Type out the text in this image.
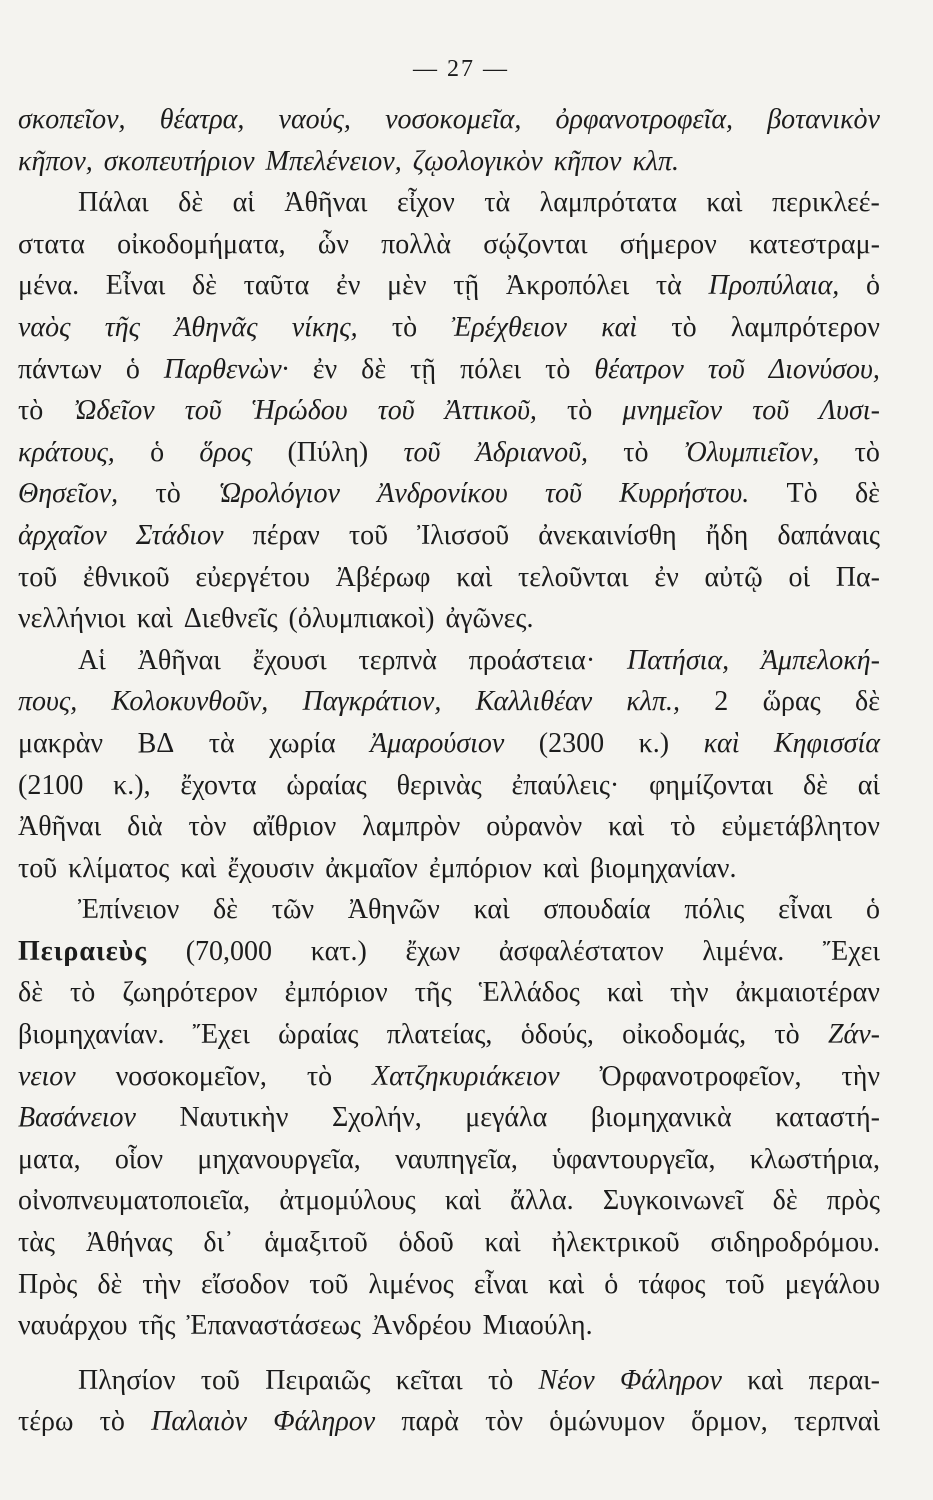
— 27 —
σκοπεῖον, θέατρα, ναούς, νοσοκομεῖα, ὀρφανοτροφεῖα, βοτανικὸν
κῆπον, σκοπευτήριον Μπελένειον, ζῳολογικὸν κῆπον κλπ.
Πάλαι δὲ αἱ Ἀθῆναι εἶχον τὰ λαμπρότατα καὶ περικλεέ-
στατα οἰκοδομήματα, ὧν πολλὰ σῴζονται σήμερον κατεστραμ-
μένα. Εἶναι δὲ ταῦτα ἐν μὲν τῇ Ἀκροπόλει τὰ Προπύλαια, ὁ
ναὸς τῆς Ἀθηνᾶς νίκης, τὸ Ἐρέχθειον καὶ τὸ λαμπρότερον
πάντων ὁ Παρθενὼν· ἐν δὲ τῇ πόλει τὸ θέατρον τοῦ Διονύσου,
τὸ Ὠδεῖον τοῦ Ἡρώδου τοῦ Ἀττικοῦ, τὸ μνημεῖον τοῦ Λυσι-
κράτους, ὁ ὅρος (Πύλη) τοῦ Ἀδριανοῦ, τὸ Ὀλυμπιεῖον, τὸ
Θησεῖον, τὸ Ὡρολόγιον Ἀνδρονίκου τοῦ Κυρρήστου. Τὸ δὲ
ἀρχαῖον Στάδιον πέραν τοῦ Ἰλισσοῦ ἀνεκαινίσθη ἤδη δαπάναις
τοῦ ἐθνικοῦ εὐεργέτου Ἀβέρωφ καὶ τελοῦνται ἐν αὐτῷ οἱ Πα-
νελλήνιοι καὶ Διεθνεῖς (ὀλυμπιακοὶ) ἀγῶνες.
Αἱ Ἀθῆναι ἔχουσι τερπνὰ προάστεια· Πατήσια, Ἀμπελοκή-
πους, Κολοκυνθοῦν, Παγκράτιον, Καλλιθέαν κλπ., 2 ὥρας δὲ
μακρὰν ΒΔ τὰ χωρία Ἀμαρούσιον (2300 κ.) καὶ Κηφισσία
(2100 κ.), ἔχοντα ὡραίας θερινὰς ἐπαύλεις· φημίζονται δὲ αἱ
Ἀθῆναι διὰ τὸν αἴθριον λαμπρὸν οὐρανὸν καὶ τὸ εὐμετάβλητον
τοῦ κλίματος καὶ ἔχουσιν ἀκμαῖον ἐμπόριον καὶ βιομηχανίαν.
Ἐπίνειον δὲ τῶν Ἀθηνῶν καὶ σπουδαία πόλις εἶναι ὁ
Πειραιεὺς (70,000 κατ.) ἔχων ἀσφαλέστατον λιμένα. Ἔχει
δὲ τὸ ζωηρότερον ἐμπόριον τῆς Ἑλλάδος καὶ τὴν ἀκμαιοτέραν
βιομηχανίαν. Ἔχει ὡραίας πλατείας, ὁδούς, οἰκοδομάς, τὸ Ζάν-
νειον νοσοκομεῖον, τὸ Χατζηκυριάκειον Ὀρφανοτροφεῖον, τὴν
Βασάνειον Ναυτικὴν Σχολήν, μεγάλα βιομηχανικὰ καταστή-
ματα, οἷον μηχανουργεῖα, ναυπηγεῖα, ὑφαντουργεῖα, κλωστήρια,
οἰνοπνευματοποιεῖα, ἀτμομύλους καὶ ἄλλα. Συγκοινωνεῖ δὲ πρὸς
τὰς Ἀθήνας δι᾽ ἁμαξιτοῦ ὁδοῦ καὶ ἠλεκτρικοῦ σιδηροδρόμου.
Πρὸς δὲ τὴν εἴσοδον τοῦ λιμένος εἶναι καὶ ὁ τάφος τοῦ μεγάλου
ναυάρχου τῆς Ἐπαναστάσεως Ἀνδρέου Μιαούλη.
Πλησίον τοῦ Πειραιῶς κεῖται τὸ Νέον Φάληρον καὶ περαι-
τέρω τὸ Παλαιὸν Φάληρον παρὰ τὸν ὁμώνυμον ὅρμον, τερπναὶ
